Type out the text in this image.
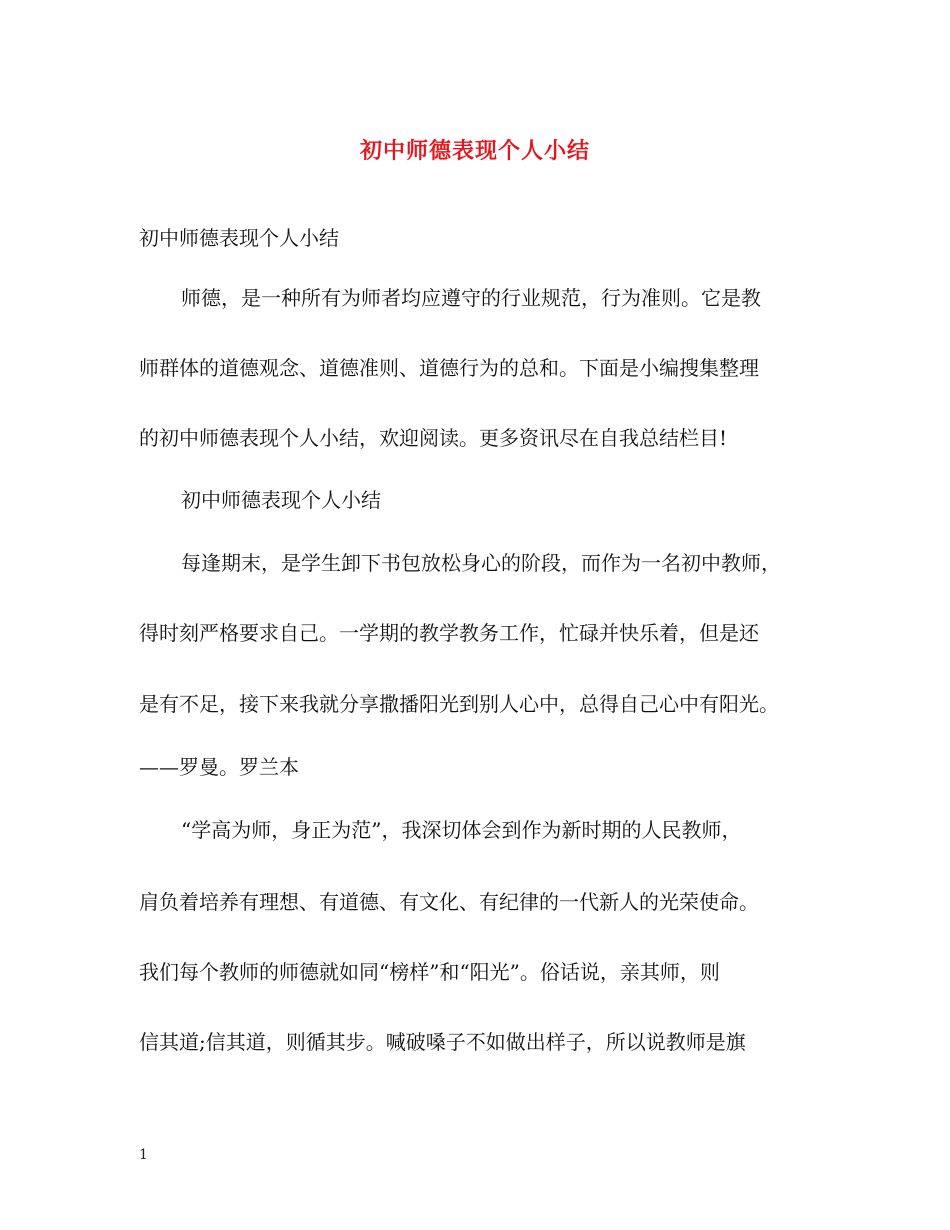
初中师德表现个人小结
初中师德表现个人小结
师德，是一种所有为师者均应遵守的行业规范，行为准则。它是教
师群体的道德观念、道德准则、道德行为的总和。下面是小编搜集整理
的初中师德表现个人小结，欢迎阅读。更多资讯尽在自我总结栏目!
初中师德表现个人小结
每逢期末，是学生卸下书包放松身心的阶段，而作为一名初中教师，
得时刻严格要求自己。一学期的教学教务工作，忙碌并快乐着，但是还
是有不足，接下来我就分享撒播阳光到别人心中，总得自己心中有阳光。
——罗曼。罗兰本
“学高为师，身正为范”，我深切体会到作为新时期的人民教师，
肩负着培养有理想、有道德、有文化、有纪律的一代新人的光荣使命。
我们每个教师的师德就如同“榜样”和“阳光”。俗话说，亲其师，则
信其道;信其道，则循其步。喊破嗓子不如做出样子，所以说教师是旗
1
